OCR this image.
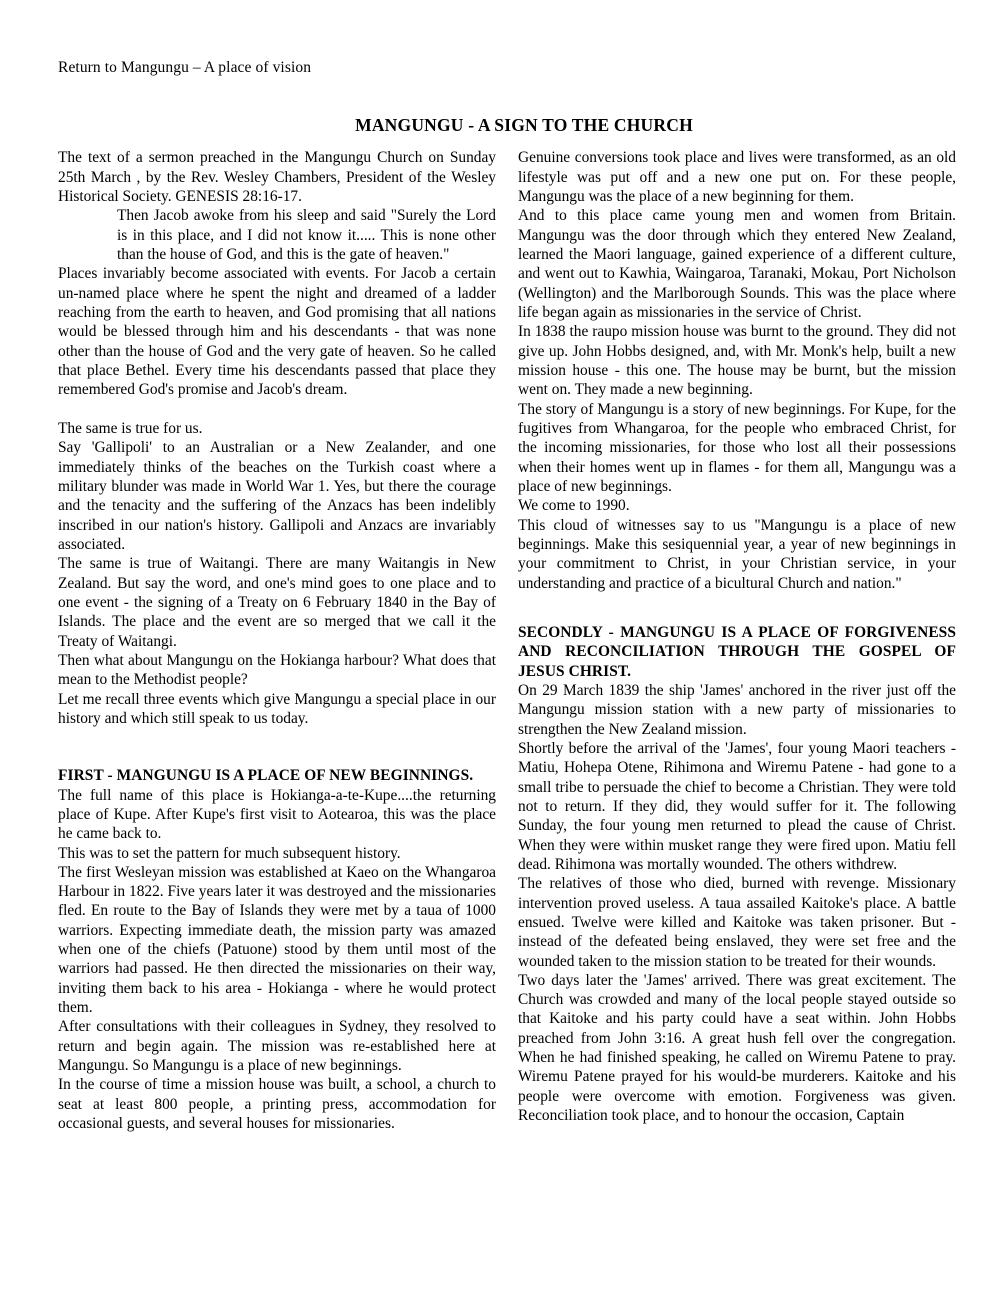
Return to Mangungu – A place of vision
MANGUNGU - A SIGN TO THE CHURCH

The text of a sermon preached in the Mangungu Church on Sunday 25th March , by the Rev. Wesley Chambers, President of the Wesley Historical Society. GENESIS 28:16-17.

Then Jacob awoke from his sleep and said "Surely the Lord is in this place, and I did not know it..... This is none other than the house of God, and this is the gate of heaven."

Places invariably become associated with events. For Jacob a certain un-named place where he spent the night and dreamed of a ladder reaching from the earth to heaven, and God promising that all nations would be blessed through him and his descendants - that was none other than the house of God and the very gate of heaven. So he called that place Bethel. Every time his descendants passed that place they remembered God's promise and Jacob's dream.

The same is true for us.

Say 'Gallipoli' to an Australian or a New Zealander, and one immediately thinks of the beaches on the Turkish coast where a military blunder was made in World War 1. Yes, but there the courage and the tenacity and the suffering of the Anzacs has been indelibly inscribed in our nation's history. Gallipoli and Anzacs are invariably associated.

The same is true of Waitangi. There are many Waitangis in New Zealand. But say the word, and one's mind goes to one place and to one event - the signing of a Treaty on 6 February 1840 in the Bay of Islands. The place and the event are so merged that we call it the Treaty of Waitangi.

Then what about Mangungu on the Hokianga harbour? What does that mean to the Methodist people?

Let me recall three events which give Mangungu a special place in our history and which still speak to us today.

FIRST - MANGUNGU IS A PLACE OF NEW BEGINNINGS.

The full name of this place is Hokianga-a-te-Kupe....the returning place of Kupe. After Kupe's first visit to Aotearoa, this was the place he came back to.

This was to set the pattern for much subsequent history.

The first Wesleyan mission was established at Kaeo on the Whangaroa Harbour in 1822. Five years later it was destroyed and the missionaries fled. En route to the Bay of Islands they were met by a taua of 1000 warriors. Expecting immediate death, the mission party was amazed when one of the chiefs (Patuone) stood by them until most of the warriors had passed. He then directed the missionaries on their way, inviting them back to his area - Hokianga - where he would protect them.

After consultations with their colleagues in Sydney, they resolved to return and begin again. The mission was re-established here at Mangungu. So Mangungu is a place of new beginnings.

In the course of time a mission house was built, a school, a church to seat at least 800 people, a printing press, accommodation for occasional guests, and several houses for missionaries.

Genuine conversions took place and lives were transformed, as an old lifestyle was put off and a new one put on. For these people, Mangungu was the place of a new beginning for them.

And to this place came young men and women from Britain. Mangungu was the door through which they entered New Zealand, learned the Maori language, gained experience of a different culture, and went out to Kawhia, Waingaroa, Taranaki, Mokau, Port Nicholson (Wellington) and the Marlborough Sounds. This was the place where life began again as missionaries in the service of Christ.

In 1838 the raupo mission house was burnt to the ground. They did not give up. John Hobbs designed, and, with Mr. Monk's help, built a new mission house - this one. The house may be burnt, but the mission went on. They made a new beginning.

The story of Mangungu is a story of new beginnings. For Kupe, for the fugitives from Whangaroa, for the people who embraced Christ, for the incoming missionaries, for those who lost all their possessions when their homes went up in flames - for them all, Mangungu was a place of new beginnings.

We come to 1990.

This cloud of witnesses say to us "Mangungu is a place of new beginnings. Make this sesiquennial year, a year of new beginnings in your commitment to Christ, in your Christian service, in your understanding and practice of a bicultural Church and nation."

SECONDLY - MANGUNGU IS A PLACE OF FORGIVENESS AND RECONCILIATION THROUGH THE GOSPEL OF JESUS CHRIST.

On 29 March 1839 the ship 'James' anchored in the river just off the Mangungu mission station with a new party of missionaries to strengthen the New Zealand mission.

Shortly before the arrival of the 'James', four young Maori teachers - Matiu, Hohepa Otene, Rihimona and Wiremu Patene - had gone to a small tribe to persuade the chief to become a Christian. They were told not to return. If they did, they would suffer for it. The following Sunday, the four young men returned to plead the cause of Christ. When they were within musket range they were fired upon. Matiu fell dead. Rihimona was mortally wounded. The others withdrew.

The relatives of those who died, burned with revenge. Missionary intervention proved useless. A taua assailed Kaitoke's place. A battle ensued. Twelve were killed and Kaitoke was taken prisoner. But - instead of the defeated being enslaved, they were set free and the wounded taken to the mission station to be treated for their wounds.

Two days later the 'James' arrived. There was great excitement. The Church was crowded and many of the local people stayed outside so that Kaitoke and his party could have a seat within. John Hobbs preached from John 3:16. A great hush fell over the congregation. When he had finished speaking, he called on Wiremu Patene to pray. Wiremu Patene prayed for his would-be murderers. Kaitoke and his people were overcome with emotion. Forgiveness was given. Reconciliation took place, and to honour the occasion, Captain
